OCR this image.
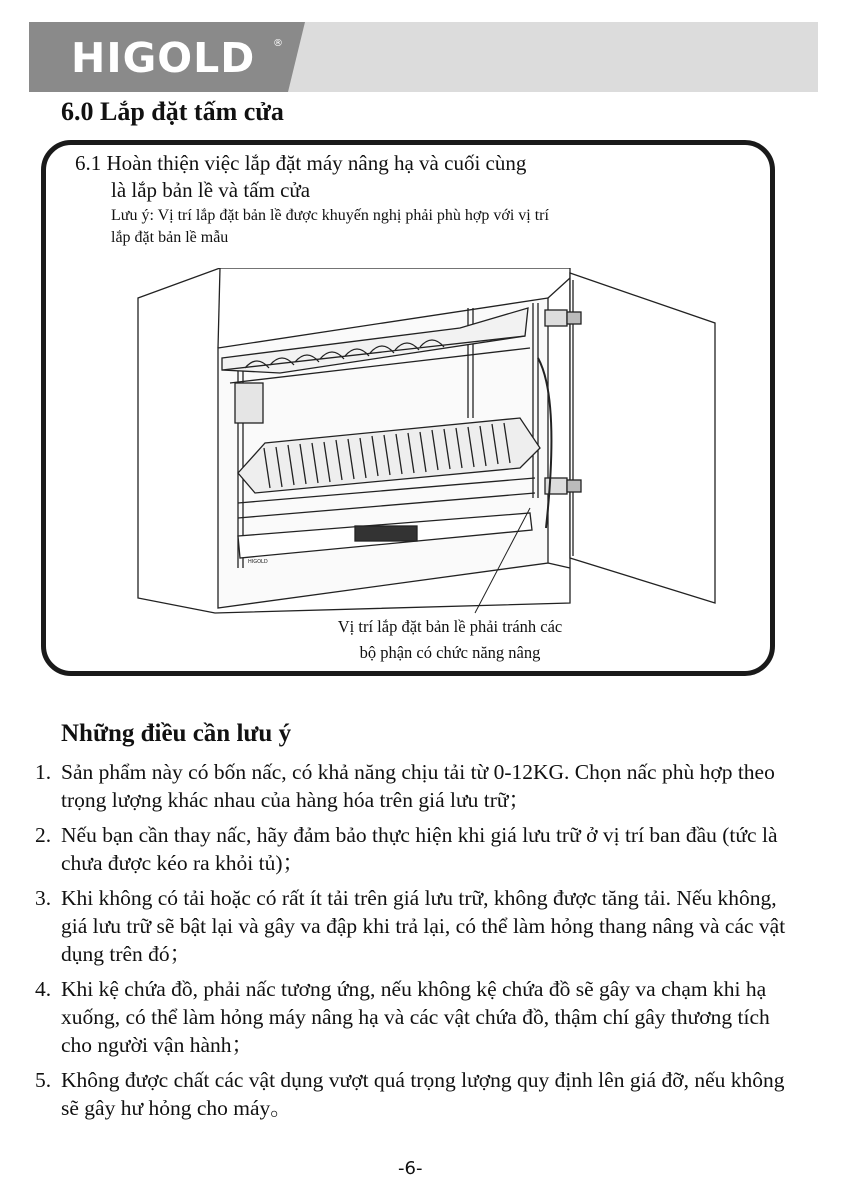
HIGOLD ®
6.0 Lắp đặt tấm cửa

6.1 Hoàn thiện việc lắp đặt máy nâng hạ và cuối cùng
là lắp bản lề và tấm cửa

Lưu ý: Vị trí lắp đặt bản lề được khuyến nghị phải phù hợp với vị trí
lắp đặt bản lề mẫu

HIGOLD
Vị trí lắp đặt bản lề phải tránh các
bộ phận có chức năng nâng
Những điều cần lưu ý
1. Sản phẩm này có bốn nấc, có khả năng chịu tải từ 0-12KG. Chọn nấc phù hợp theo trọng lượng khác nhau của hàng hóa trên giá lưu trữ；
2. Nếu bạn cần thay nấc, hãy đảm bảo thực hiện khi giá lưu trữ ở vị trí ban đầu (tức là chưa được kéo ra khỏi tủ)；
3. Khi không có tải hoặc có rất ít tải trên giá lưu trữ, không được tăng tải. Nếu không, giá lưu trữ sẽ bật lại và gây va đập khi trả lại, có thể làm hỏng thang nâng và các vật dụng trên đó；
4. Khi kệ chứa đồ, phải nấc tương ứng, nếu không kệ chứa đồ sẽ gây va chạm khi hạ xuống, có thể làm hỏng máy nâng hạ và các vật chứa đồ, thậm chí gây thương tích cho người vận hành；
5. Không được chất các vật dụng vượt quá trọng lượng quy định lên giá đỡ, nếu không sẽ gây hư hỏng cho máy。
-6-
